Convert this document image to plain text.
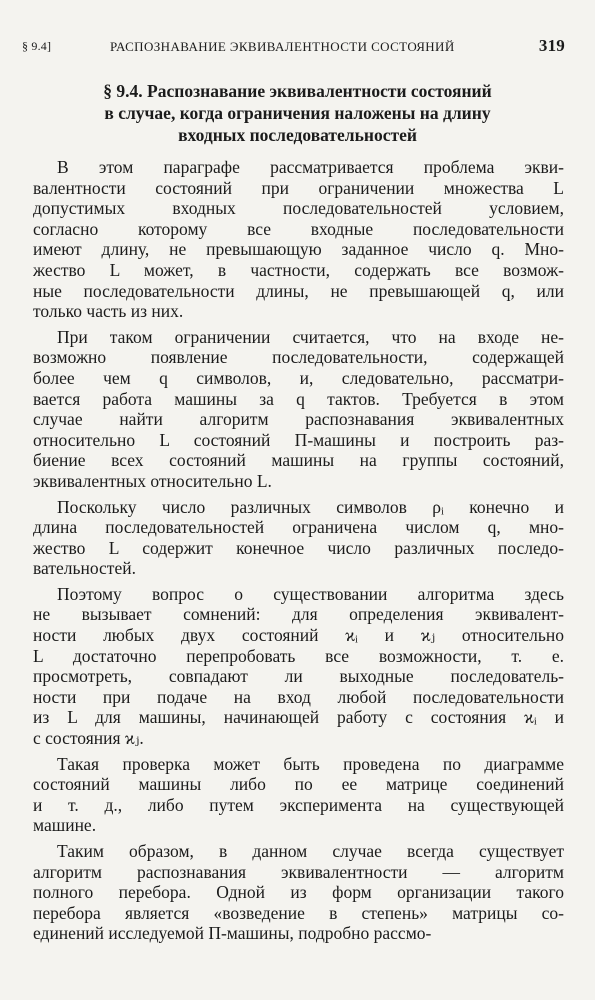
§ 9.4]	РАСПОЗНАВАНИЕ ЭКВИВАЛЕНТНОСТИ СОСТОЯНИЙ	319
§ 9.4. Распознавание эквивалентности состояний
в случае, когда ограничения наложены на длину
входных последовательностей

В этом параграфе рассматривается проблема экви-
валентности состояний при ограничении множества L
допустимых входных последовательностей условием,
согласно которому все входные последовательности
имеют длину, не превышающую заданное число q. Мно-
жество L может, в частности, содержать все возмож-
ные последовательности длины, не превышающей q, или
только часть из них.

При таком ограничении считается, что на входе не-
возможно появление последовательности, содержащей
более чем q символов, и, следовательно, рассматри-
вается работа машины за q тактов. Требуется в этом
случае найти алгоритм распознавания эквивалентных
относительно L состояний П-машины и построить раз-
биение всех состояний машины на группы состояний,
эквивалентных относительно L.

Поскольку число различных символов ρᵢ конечно и
длина последовательностей ограничена числом q, мно-
жество L содержит конечное число различных последо-
вательностей.

Поэтому вопрос о существовании алгоритма здесь
не вызывает сомнений: для определения эквивалент-
ности любых двух состояний ϰᵢ и ϰⱼ относительно
L достаточно перепробовать все возможности, т. е.
просмотреть, совпадают ли выходные последователь-
ности при подаче на вход любой последовательности
из L для машины, начинающей работу с состояния ϰᵢ и
с состояния ϰⱼ.

Такая проверка может быть проведена по диаграмме
состояний машины либо по ее матрице соединений
и т. д., либо путем эксперимента на существующей
машине.

Таким образом, в данном случае всегда существует
алгоритм распознавания эквивалентности — алгоритм
полного перебора. Одной из форм организации такого
перебора является «возведение в степень» матрицы со-
единений исследуемой П-машины, подробно рассмо-
